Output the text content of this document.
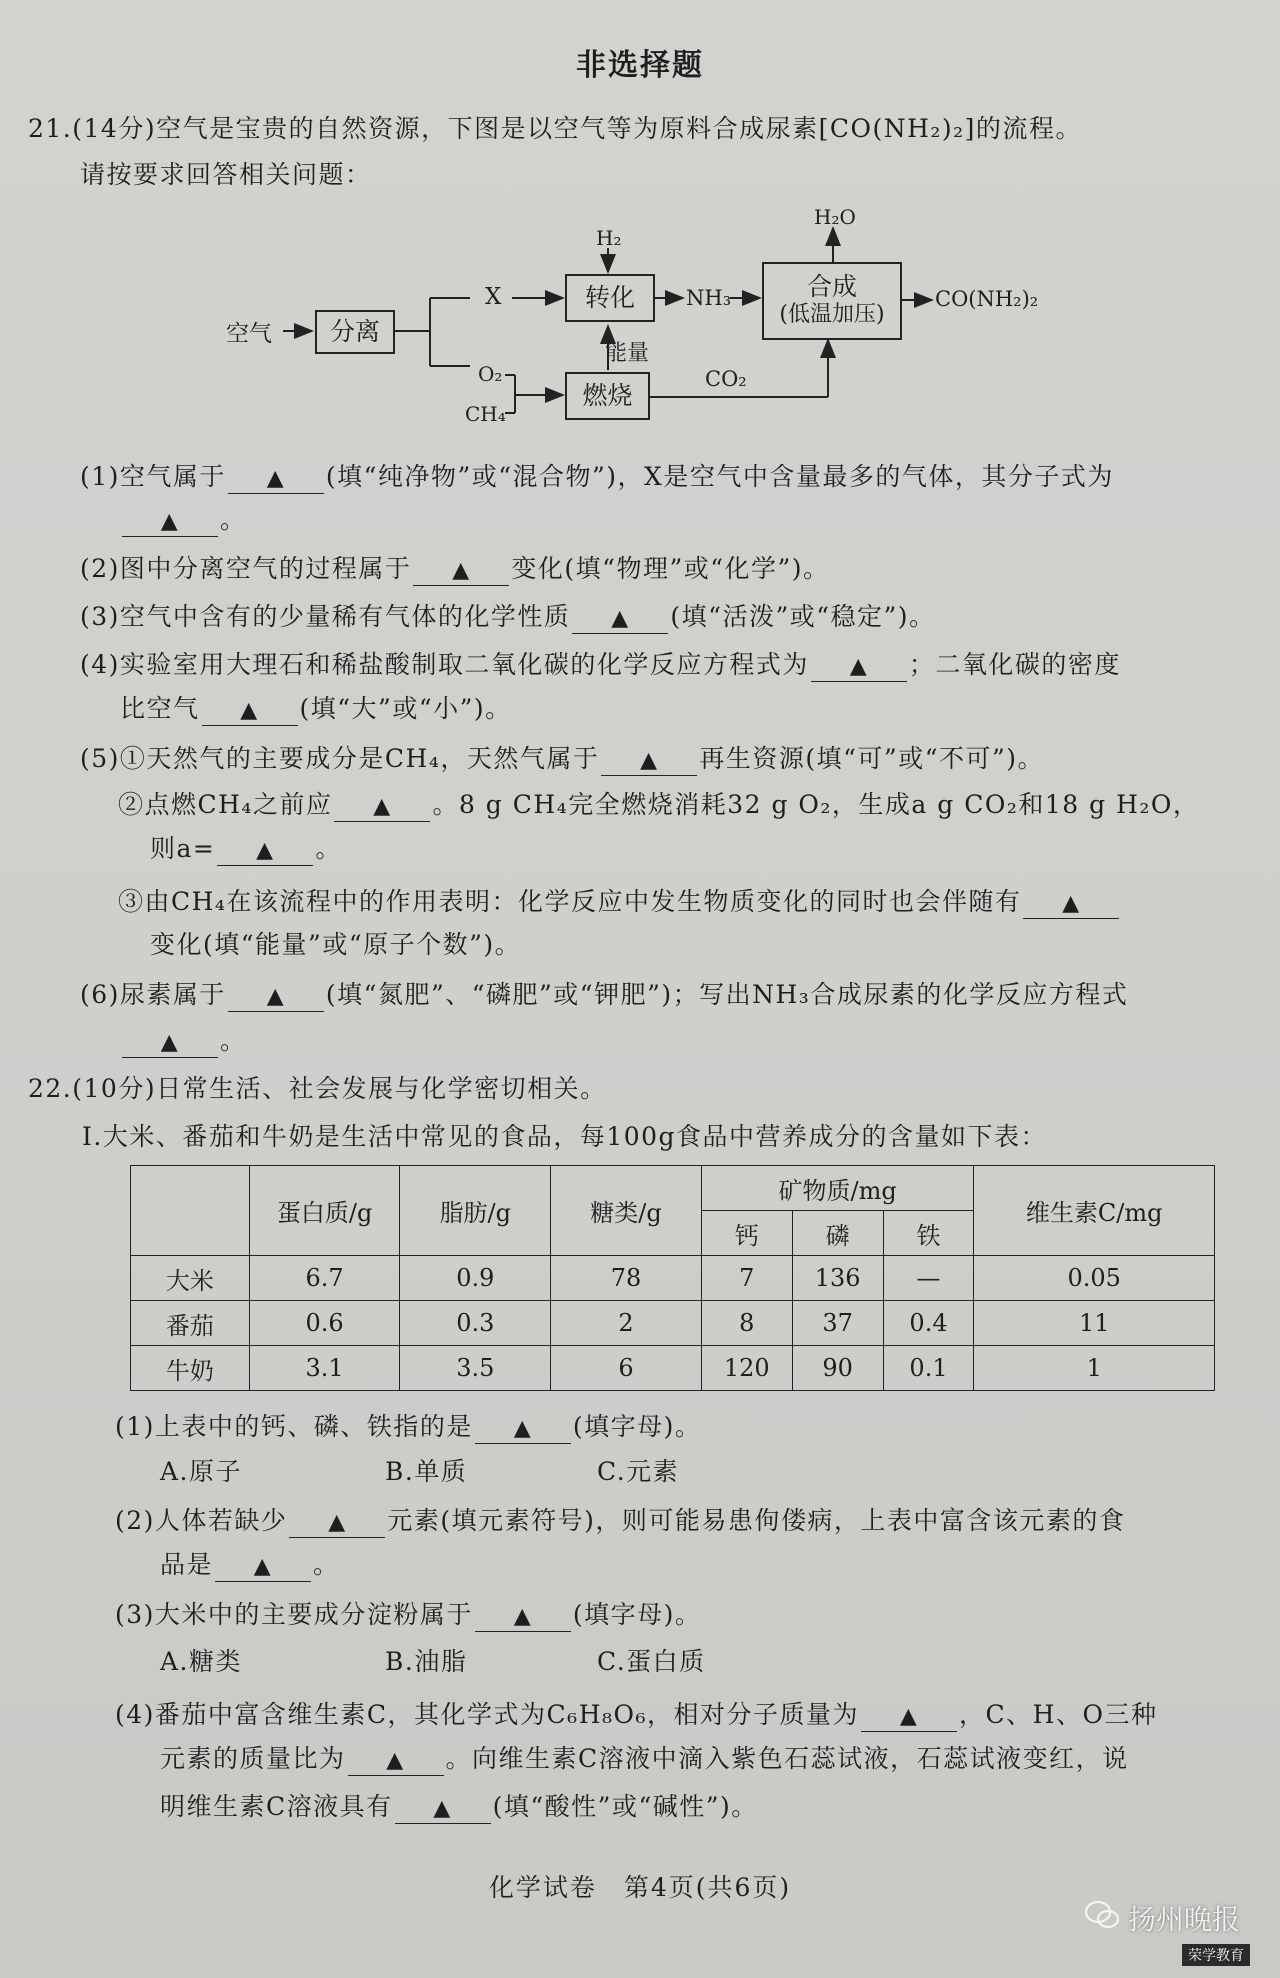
非选择题
21.(14分)空气是宝贵的自然资源，下图是以空气等为原料合成尿素[CO(NH₂)₂]的流程。
请按要求回答相关问题：
空气	分离
X
H₂
转化	NH₃
H₂O
合成
(低温加压)
CO(NH₂)₂
能量
O₂
CH₄
燃烧
CO₂
(1)空气属于 ▲ (填“纯净物”或“混合物”)，X是空气中含量最多的气体，其分子式为
▲ 。
(2)图中分离空气的过程属于 ▲ 变化(填“物理”或“化学”)。
(3)空气中含有的少量稀有气体的化学性质 ▲ (填“活泼”或“稳定”)。
(4)实验室用大理石和稀盐酸制取二氧化碳的化学反应方程式为 ▲ ；二氧化碳的密度
比空气 ▲ (填“大”或“小”)。
(5)①天然气的主要成分是CH₄，天然气属于 ▲ 再生资源(填“可”或“不可”)。
②点燃CH₄之前应 ▲ 。8 g CH₄完全燃烧消耗32 g O₂，生成a g CO₂和18 g H₂O，
则a= ▲ 。
③由CH₄在该流程中的作用表明：化学反应中发生物质变化的同时也会伴随有 ▲
变化(填“能量”或“原子个数”)。
(6)尿素属于 ▲ (填“氮肥”、“磷肥”或“钾肥”)；写出NH₃合成尿素的化学反应方程式
▲ 。
22.(10分)日常生活、社会发展与化学密切相关。
Ⅰ.大米、番茄和牛奶是生活中常见的食品，每100g食品中营养成分的含量如下表：
	蛋白质/g	脂肪/g	糖类/g	矿物质/mg			维生素C/mg
				钙	磷	铁	
大米	6.7	0.9	78	7	136	—	0.05
番茄	0.6	0.3	2	8	37	0.4	11
牛奶	3.1	3.5	6	120	90	0.1	1
(1)上表中的钙、磷、铁指的是 ▲ (填字母)。
A.原子	B.单质	C.元素
(2)人体若缺少 ▲ 元素(填元素符号)，则可能易患佝偻病，上表中富含该元素的食
品是 ▲ 。
(3)大米中的主要成分淀粉属于 ▲ (填字母)。
A.糖类	B.油脂	C.蛋白质
(4)番茄中富含维生素C，其化学式为C₆H₈O₆，相对分子质量为 ▲ ，C、H、O三种
元素的质量比为 ▲ 。向维生素C溶液中滴入紫色石蕊试液，石蕊试液变红，说
明维生素C溶液具有 ▲ (填“酸性”或“碱性”)。
化学试卷　第4页(共6页)
扬州晚报
荣学教育
